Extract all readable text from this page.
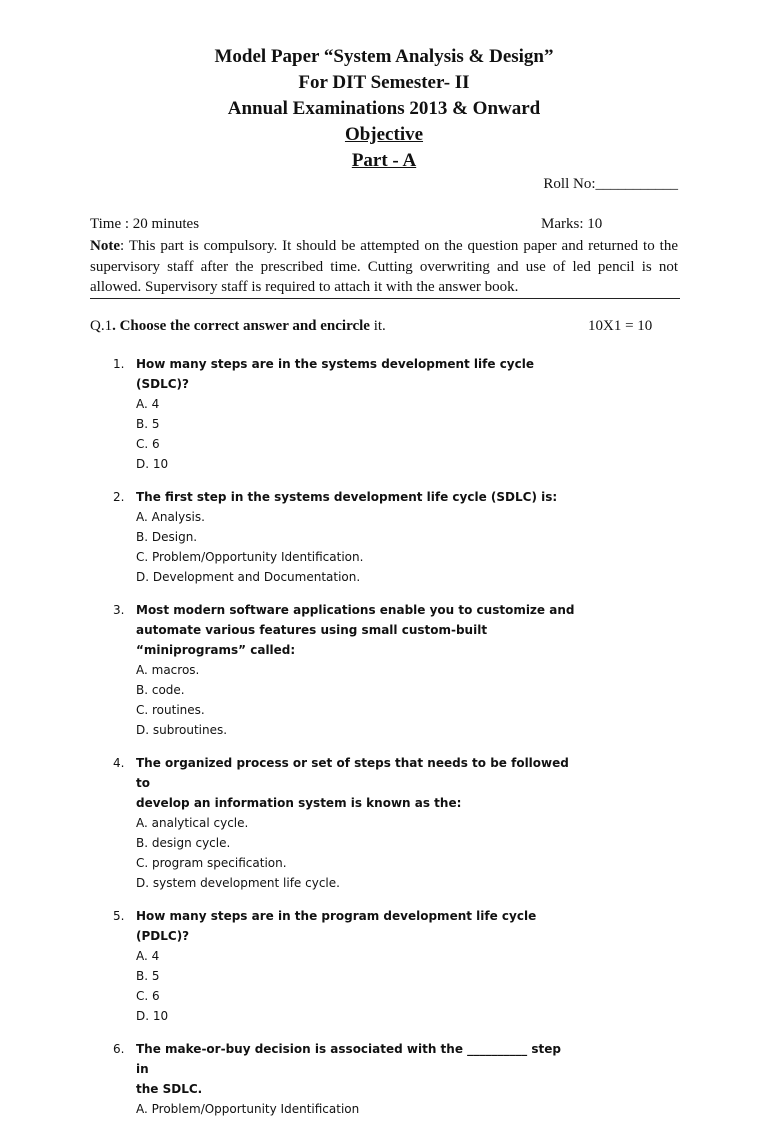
Model Paper “System Analysis & Design”
For DIT Semester- II
Annual Examinations 2013 & Onward
Objective
Part - A
Roll No:___________
Time : 20 minutes	Marks: 10
Note: This part is compulsory. It should be attempted on the question paper and returned to the supervisory staff after the prescribed time. Cutting overwriting and use of led pencil is not allowed. Supervisory staff is required to attach it with the answer book.
Q.1. Choose the correct answer and encircle it.	10X1 = 10
1. How many steps are in the systems development life cycle (SDLC)?
A. 4
B. 5
C. 6
D. 10
2. The first step in the systems development life cycle (SDLC) is:
A. Analysis.
B. Design.
C. Problem/Opportunity Identification.
D. Development and Documentation.
3. Most modern software applications enable you to customize and
automate various features using small custom-built “miniprograms” called:
A. macros.
B. code.
C. routines.
D. subroutines.
4. The organized process or set of steps that needs to be followed to
develop an information system is known as the:
A. analytical cycle.
B. design cycle.
C. program specification.
D. system development life cycle.
5. How many steps are in the program development life cycle (PDLC)?
A. 4
B. 5
C. 6
D. 10
6. The make-or-buy decision is associated with the __________ step in
the SDLC.
A. Problem/Opportunity Identification
